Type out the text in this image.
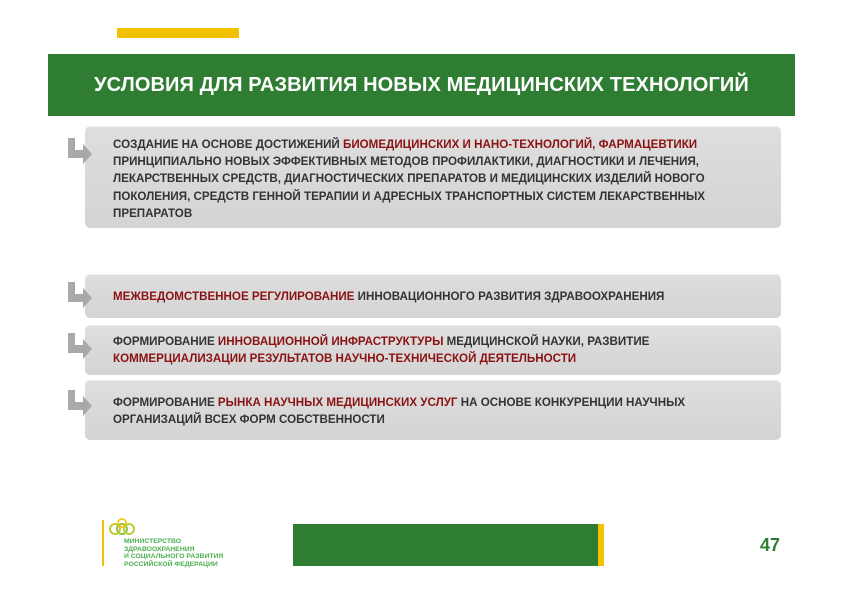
УСЛОВИЯ ДЛЯ РАЗВИТИЯ НОВЫХ МЕДИЦИНСКИХ ТЕХНОЛОГИЙ
СОЗДАНИЕ НА ОСНОВЕ ДОСТИЖЕНИЙ БИОМЕДИЦИНСКИХ И НАНО-ТЕХНОЛОГИЙ, ФАРМАЦЕВТИКИ ПРИНЦИПИАЛЬНО НОВЫХ ЭФФЕКТИВНЫХ МЕТОДОВ ПРОФИЛАКТИКИ, ДИАГНОСТИКИ И ЛЕЧЕНИЯ, ЛЕКАРСТВЕННЫХ СРЕДСТВ, ДИАГНОСТИЧЕСКИХ ПРЕПАРАТОВ И МЕДИЦИНСКИХ ИЗДЕЛИЙ НОВОГО ПОКОЛЕНИЯ, СРЕДСТВ ГЕННОЙ ТЕРАПИИ И АДРЕСНЫХ ТРАНСПОРТНЫХ СИСТЕМ ЛЕКАРСТВЕННЫХ ПРЕПАРАТОВ
МЕЖВЕДОМСТВЕННОЕ РЕГУЛИРОВАНИЕ ИННОВАЦИОННОГО РАЗВИТИЯ ЗДРАВООХРАНЕНИЯ
ФОРМИРОВАНИЕ ИННОВАЦИОННОЙ ИНФРАСТРУКТУРЫ МЕДИЦИНСКОЙ НАУКИ, РАЗВИТИЕ КОММЕРЦИАЛИЗАЦИИ РЕЗУЛЬТАТОВ НАУЧНО-ТЕХНИЧЕСКОЙ ДЕЯТЕЛЬНОСТИ
ФОРМИРОВАНИЕ РЫНКА НАУЧНЫХ МЕДИЦИНСКИХ УСЛУГ НА ОСНОВЕ КОНКУРЕНЦИИ НАУЧНЫХ ОРГАНИЗАЦИЙ ВСЕХ ФОРМ СОБСТВЕННОСТИ
МИНИСТЕРСТВО
ЗДРАВООХРАНЕНИЯ
И СОЦИАЛЬНОГО РАЗВИТИЯ
РОССИЙСКОЙ ФЕДЕРАЦИИ
47
